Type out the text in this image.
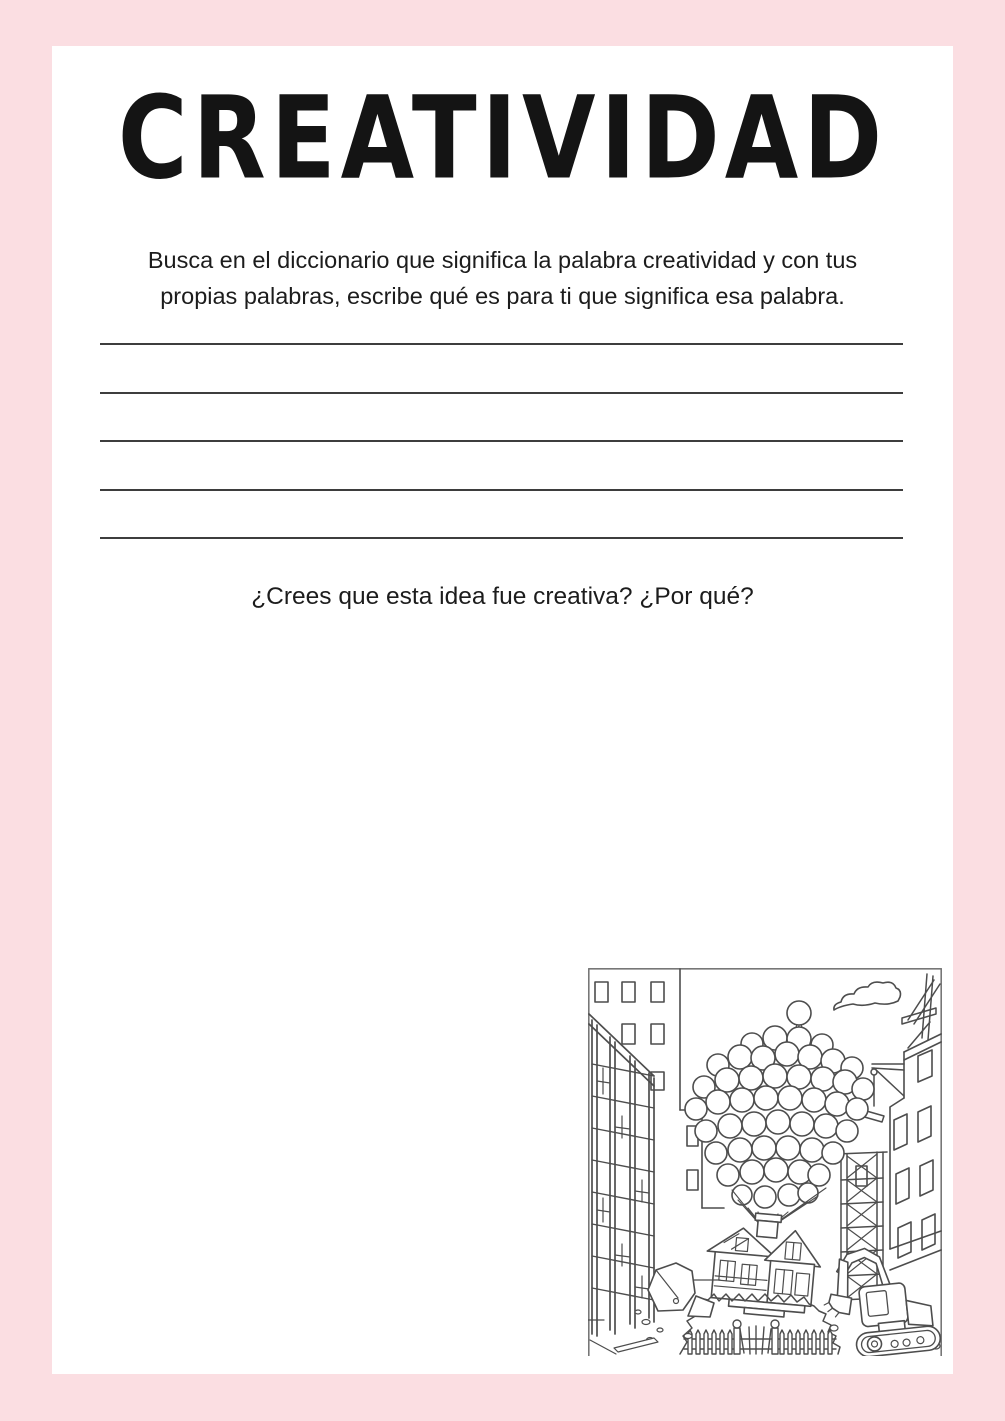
CREATIVIDAD
Busca en el diccionario que significa la palabra creatividad y con tus
propias palabras, escribe qué es para ti que significa esa palabra.
¿Crees que esta idea fue creativa? ¿Por qué?
